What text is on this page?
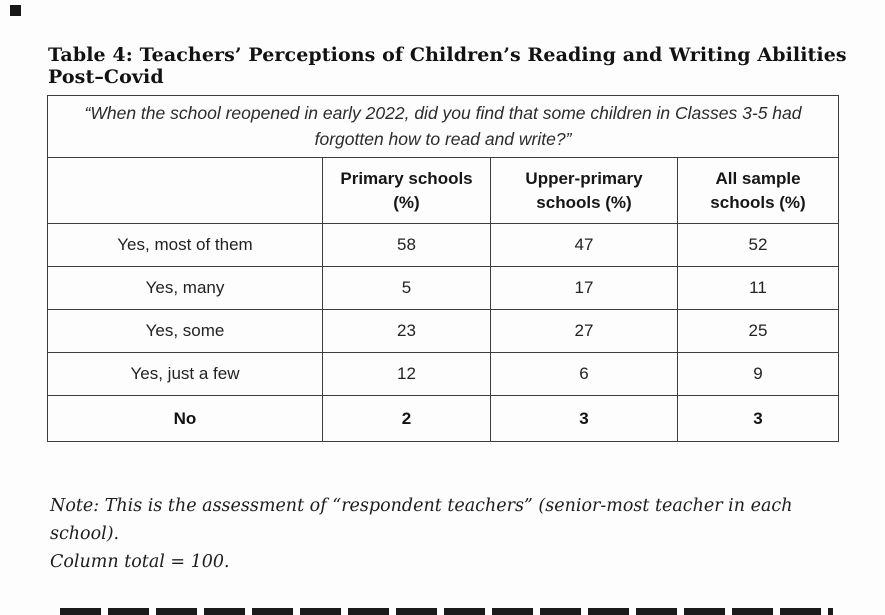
Table 4: Teachers’ Perceptions of Children’s Reading and Writing Abilities Post–Covid
“When the school reopened in early 2022, did you find that some children in Classes 3-5 had forgotten how to read and write?”			
	Primary schools (%)	Upper-primary schools (%)	All sample schools (%)
Yes, most of them	58	47	52
Yes, many	5	17	11
Yes, some	23	27	25
Yes, just a few	12	6	9
No	2	3	3
Note: This is the assessment of “respondent teachers” (senior-most teacher in each school).
Column total = 100.
